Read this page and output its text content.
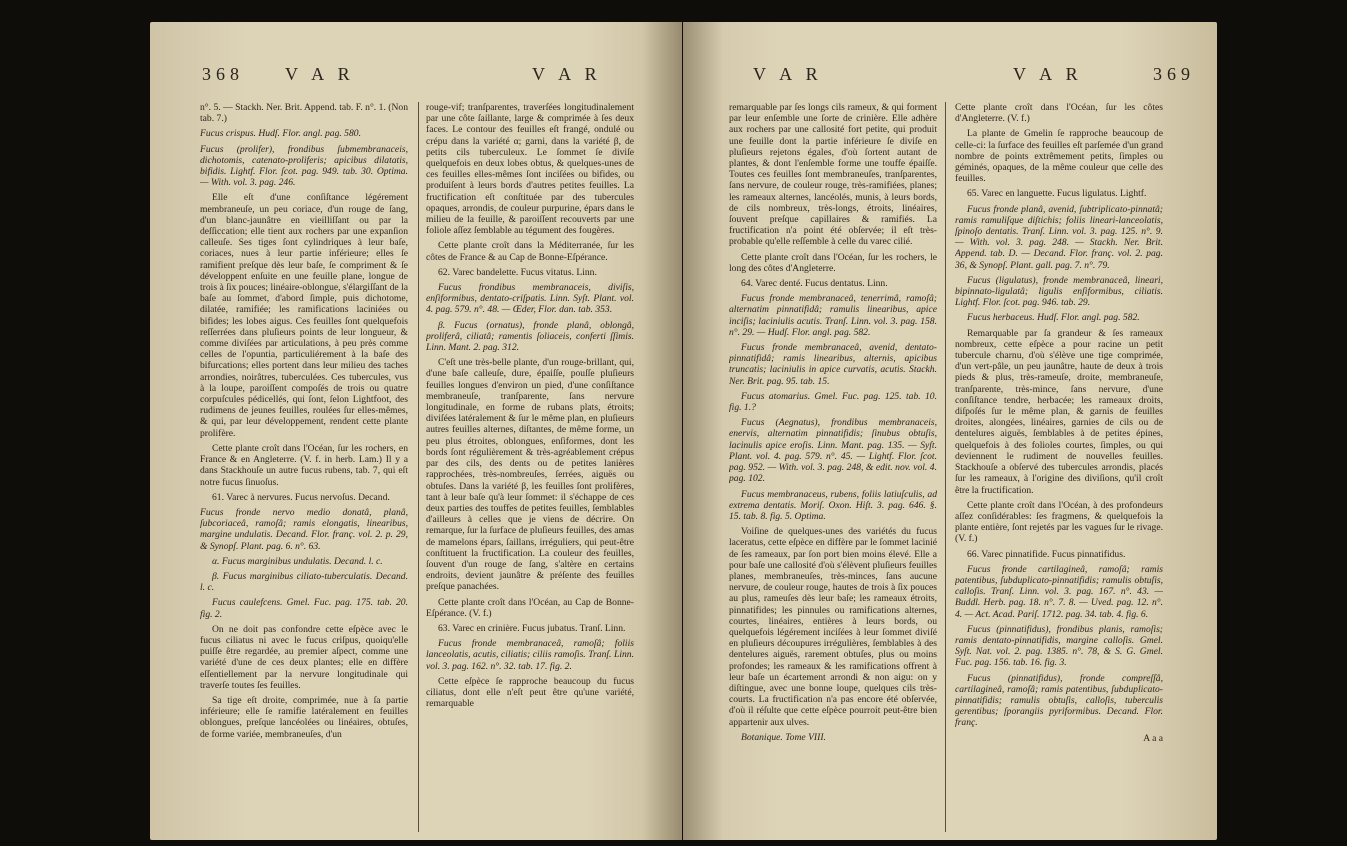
368 V A R	V A R

n°. 5. — Stackh. Ner. Brit. Append. tab. F. n°. 1. (Non tab. 7.)

Fucus crispus. Hudſ. Flor. angl. pag. 580.

Fucus (prolifer), frondibus ſubmembranaceis, dichotomis, catenato-proliferis; apicibus dilatatis, bifidis. Lightf. Flor. ſcot. pag. 949. tab. 30. Optima. — With. vol. 3. pag. 246.

Elle eſt d'une conſiſtance légérement membraneuſe, un peu coriace, d'un rouge de ſang, d'un blanc-jaunâtre en vieilliſſant ou par la deſſiccation; elle tient aux rochers par une expanſion calleuſe. Ses tiges ſont cylindriques à leur baſe, coriaces, nues à leur partie inférieure; elles ſe ramifient preſque dès leur baſe, ſe compriment & ſe développent enſuite en une feuille plane, longue de trois à ſix pouces; linéaire-oblongue, s'élargiſſant de la baſe au ſommet, d'abord ſimple, puis dichotome, dilatée, ramifiée; les ramifications laciniées ou bifides; les lobes aigus. Ces feuilles ſont quelquefois reſſerrées dans pluſieurs points de leur longueur, & comme diviſées par articulations, à peu près comme celles de l'opuntia, particuliérement à la baſe des bifurcations; elles portent dans leur milieu des taches arrondies, noirâtres, tuberculées. Ces tubercules, vus à la loupe, paroiſſent compoſés de trois ou quatre corpuſcules pédicellés, qui ſont, ſelon Lightfoot, des rudimens de jeunes feuilles, roulées ſur elles-mêmes, & qui, par leur développement, rendent cette plante prolifère.

Cette plante croît dans l'Océan, ſur les rochers, en France & en Angleterre. (V. f. in herb. Lam.) Il y a dans Stackhouſe un autre fucus rubens, tab. 7, qui eſt notre fucus ſinuoſus.

61. Varec à nervures. Fucus nervoſus. Decand.

Fucus fronde nervo medio donatâ, planâ, ſubcoriaceâ, ramoſâ; ramis elongatis, linearibus, margine undulatis. Decand. Flor. franç. vol. 2. p. 29, & Synopſ. Plant. pag. 6. n°. 63.

α. Fucus marginibus undulatis. Decand. l. c.

β. Fucus marginibus ciliato-tuberculatis. Decand. l. c.

Fucus caulefcens. Gmel. Fuc. pag. 175. tab. 20. fig. 2.

On ne doit pas confondre cette eſpèce avec le fucus ciliatus ni avec le fucus criſpus, quoiqu'elle puiſſe être regardée, au premier aſpect, comme une variété d'une de ces deux plantes; elle en diffère eſſentiellement par la nervure longitudinale qui traverſe toutes ſes feuilles.

Sa tige eſt droite, comprimée, nue à ſa partie inférieure; elle ſe ramifie latéralement en feuilles oblongues, preſque lancéolées ou linéaires, obtuſes, de forme variée, membraneuſes, d'un

rouge-vif; tranſparentes, traverſées longitudinalement par une côte ſaillante, large & comprimée à ſes deux faces. Le contour des feuilles eſt frangé, ondulé ou crépu dans la variété α; garni, dans la variété β, de petits cils tuberculeux. Le ſommet ſe diviſe quelquefois en deux lobes obtus, & quelques-unes de ces feuilles elles-mêmes ſont inciſées ou bifides, ou produiſent à leurs bords d'autres petites feuilles. La fructification eſt conſtituée par des tubercules opaques, arrondis, de couleur purpurine, épars dans le milieu de la feuille, & paroiſſent recouverts par une foliole aſſez ſemblable au tégument des fougères.

Cette plante croît dans la Méditerranée, ſur les côtes de France & au Cap de Bonne-Eſpérance.

62. Varec bandelette. Fucus vitatus. Linn.

Fucus frondibus membranaceis, diviſis, enſiformibus, dentato-criſpatis. Linn. Syſt. Plant. vol. 4. pag. 579. n°. 48. — Œder, Flor. dan. tab. 353.

β. Fucus (ornatus), fronde planâ, oblongâ, proliferâ, ciliatâ; ramentis ſoliaceis, conferti ſſimis. Linn. Mant. 2. pag. 312.

C'eſt une très-belle plante, d'un rouge-brillant, qui, d'une baſe calleuſe, dure, épaiſſe, pouſſe pluſieurs feuilles longues d'environ un pied, d'une conſiſtance membraneuſe, tranſparente, ſans nervure longitudinale, en forme de rubans plats, étroits; diviſées latéralement & ſur le même plan, en pluſieurs autres feuilles alternes, diſtantes, de même forme, un peu plus étroites, oblongues, enſiformes, dont les bords ſont régulièrement & très-agréablement crépus par des cils, des dents ou de petites lanières rapprochées, très-nombreuſes, ſerrées, aiguës ou obtuſes. Dans la variété β, les feuilles ſont prolifères, tant à leur baſe qu'à leur ſommet: il s'échappe de ces deux parties des touffes de petites feuilles, ſemblables d'ailleurs à celles que je viens de décrire. On remarque, ſur la ſurface de pluſieurs feuilles, des amas de mamelons épars, ſaillans, irréguliers, qui peut-être conſtituent la fructification. La couleur des feuilles, ſouvent d'un rouge de ſang, s'altère en certains endroits, devient jaunâtre & préſente des feuilles preſque panachées.

Cette plante croît dans l'Océan, au Cap de Bonne-Eſpérance. (V. f.)

63. Varec en crinière. Fucus jubatus. Tranſ. Linn.

Fucus fronde membranaceâ, ramoſâ; foliis lanceolatis, acutis, ciliatis; ciliis ramoſis. Tranſ. Linn. vol. 3. pag. 162. n°. 32. tab. 17. fig. 2.

Cette eſpèce ſe rapproche beaucoup du fucus ciliatus, dont elle n'eſt peut être qu'une variété, remarquable

V A R	V A R	369

remarquable par ſes longs cils rameux, & qui forment par leur enſemble une ſorte de crinière. Elle adhère aux rochers par une callosité fort petite, qui produit une feuille dont la partie inférieure ſe diviſe en pluſieurs rejetons égales, d'où ſortent autant de plantes, & dont l'enſemble forme une touffe épaiſſe. Toutes ces feuilles ſont membraneuſes, tranſparentes, ſans nervure, de couleur rouge, très-ramifiées, planes; les rameaux alternes, lancéolés, munis, à leurs bords, de cils nombreux, très-longs, étroits, linéaires, ſouvent preſque capillaires & ramifiés. La fructification n'a point été obſervée; il eſt très-probable qu'elle reſſemble à celle du varec cilié.

Cette plante croît dans l'Océan, ſur les rochers, le long des côtes d'Angleterre.

64. Varec denté. Fucus dentatus. Linn.

Fucus fronde membranaceâ, tenerrimâ, ramoſâ; alternatim pinnatifidâ; ramulis linearibus, apice inciſis; laciniulis acutis. Tranſ. Linn. vol. 3. pag. 158. n°. 29. — Hudſ. Flor. angl. pag. 582.

Fucus fronde membranaceâ, avenid, dentato-pinnatifidâ; ramis linearibus, alternis, apicibus truncatis; laciniulis in apice curvatis, acutis. Stackh. Ner. Brit. pag. 95. tab. 15.

Fucus atomarius. Gmel. Fuc. pag. 125. tab. 10. fig. 1.?

Fucus (Aegnatus), frondibus membranaceis, enervis, alternatim pinnatifidis; ſinubus obtuſis, lacinulis apice eroſis. Linn. Mant. pag. 135. — Syſt. Plant. vol. 4. pag. 579. n°. 45. — Lightf. Flor. ſcot. pag. 952. — With. vol. 3. pag. 248, & edit. nov. vol. 4. pag. 102.

Fucus membranaceus, rubens, foliis latiuſculis, ad extrema dentatis. Moriſ. Oxon. Hiſt. 3. pag. 646. §. 15. tab. 8. fig. 5. Optima.

Voiſine de quelques-unes des variétés du fucus laceratus, cette eſpèce en diffère par le ſommet lacinié de ſes rameaux, par ſon port bien moins élevé. Elle a pour baſe une callosité d'où s'élèvent pluſieurs feuilles planes, membraneuſes, très-minces, ſans aucune nervure, de couleur rouge, hautes de trois à ſix pouces au plus, rameuſes dès leur baſe; les rameaux étroits, pinnatifides; les pinnules ou ramifications alternes, courtes, linéaires, entières à leurs bords, ou quelquefois légérement inciſées à leur ſommet diviſé en pluſieurs découpures irrégulières, ſemblables à des dentelures aiguës, rarement obtuſes, plus ou moins profondes; les rameaux & les ramifications offrent à leur baſe un écartement arrondi & non aigu: on y diſtingue, avec une bonne loupe, quelques cils très-courts. La fructification n'a pas encore été obſervée, d'où il réſulte que cette eſpèce pourroit peut-être bien appartenir aux ulves.

Botanique. Tome VIII.

Cette plante croît dans l'Océan, ſur les côtes d'Angleterre. (V. f.)

La plante de Gmelin ſe rapproche beaucoup de celle-ci: la ſurface des feuilles eſt parſemée d'un grand nombre de points extrêmement petits, ſimples ou géminés, opaques, de la même couleur que celle des feuilles.

65. Varec en languette. Fucus ligulatus. Lightf.

Fucus fronde planâ, avenid, ſubtriplicato-pinnatâ; ramis ramuliſque diſtichis; foliis lineari-lanceolatis, ſpinoſo dentatis. Tranſ. Linn. vol. 3. pag. 125. n°. 9. — With. vol. 3. pag. 248. — Stackh. Ner. Brit. Append. tab. D. — Decand. Flor. franç. vol. 2. pag. 36, & Synopſ. Plant. gall. pag. 7. n°. 79.

Fucus (ligulatus), fronde membranaceâ, lineari, bipinnato-ligulatâ; ligulis enſiformibus, ciliatis. Lightf. Flor. ſcot. pag. 946. tab. 29.

Fucus herbaceus. Hudſ. Flor. angl. pag. 582.

Remarquable par ſa grandeur & ſes rameaux nombreux, cette eſpèce a pour racine un petit tubercule charnu, d'où s'élève une tige comprimée, d'un vert-pâle, un peu jaunâtre, haute de deux à trois pieds & plus, très-rameuſe, droite, membraneuſe, tranſparente, très-mince, ſans nervure, d'une conſiſtance tendre, herbacée; les rameaux droits, diſpoſés ſur le même plan, & garnis de feuilles droites, alongées, linéaires, garnies de cils ou de dentelures aiguës, ſemblables à de petites épines, quelquefois à des folioles courtes, ſimples, ou qui deviennent le rudiment de nouvelles feuilles. Stackhouſe a obſervé des tubercules arrondis, placés ſur les rameaux, à l'origine des diviſions, qu'il croît être la fructification.

Cette plante croît dans l'Océan, à des profondeurs aſſez conſidérables: ſes fragmens, & quelquefois la plante entière, ſont rejetés par les vagues ſur le rivage. (V. f.)

66. Varec pinnatifide. Fucus pinnatifidus.

Fucus fronde cartilagineâ, ramoſâ; ramis patentibus, ſubduplicato-pinnatifidis; ramulis obtuſis, calloſis. Tranſ. Linn. vol. 3. pag. 167. n°. 43. — Buddl. Herb. pag. 18. n°. 7. 8. — Uved. pag. 12. n°. 4. — Act. Acad. Pariſ. 1712. pag. 34. tab. 4. fig. 6.

Fucus (pinnatifidus), frondibus planis, ramoſis; ramis dentato-pinnatifidis, margine calloſis. Gmel. Syſt. Nat. vol. 2. pag. 1385. n°. 78, & S. G. Gmel. Fuc. pag. 156. tab. 16. fig. 3.

Fucus (pinnatifidus), fronde compreſſâ, cartilagineâ, ramoſâ; ramis patentibus, ſubduplicato-pinnatifidis; ramulis obtuſis, calloſis, tuberculis gerentibus; ſporangiis pyriformibus. Decand. Flor. franç.

A a a
